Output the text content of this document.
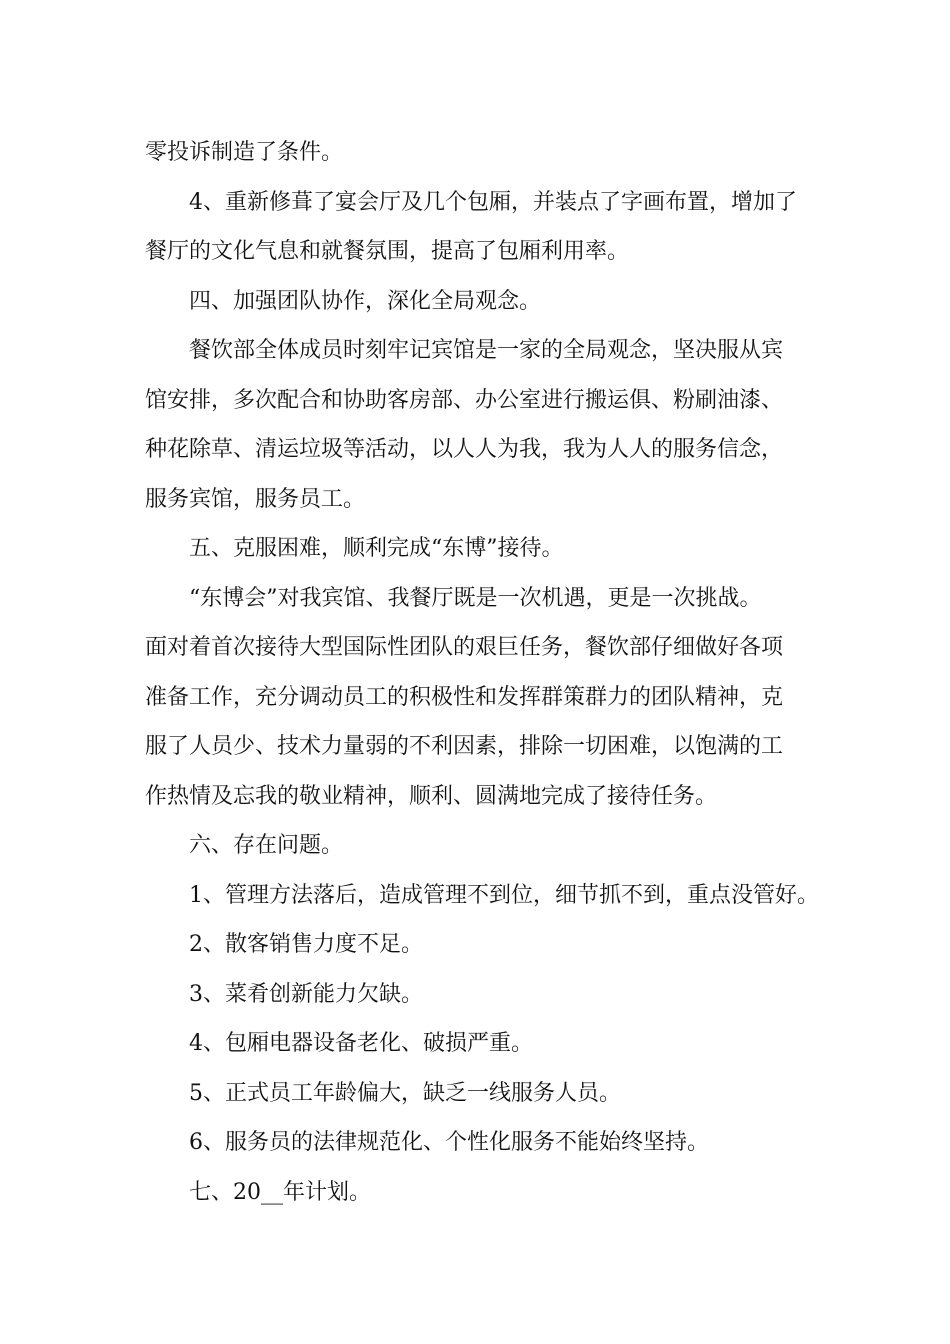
零投诉制造了条件。
4、重新修葺了宴会厅及几个包厢，并装点了字画布置，增加了
餐厅的文化气息和就餐氛围，提高了包厢利用率。
四、加强团队协作，深化全局观念。
餐饮部全体成员时刻牢记宾馆是一家的全局观念，坚决服从宾
馆安排，多次配合和协助客房部、办公室进行搬运俱、粉刷油漆、
种花除草、清运垃圾等活动，以人人为我，我为人人的服务信念，
服务宾馆，服务员工。
五、克服困难，顺利完成“东博”接待。
“东博会”对我宾馆、我餐厅既是一次机遇，更是一次挑战。
面对着首次接待大型国际性团队的艰巨任务，餐饮部仔细做好各项
准备工作，充分调动员工的积极性和发挥群策群力的团队精神，克
服了人员少、技术力量弱的不利因素，排除一切困难，以饱满的工
作热情及忘我的敬业精神，顺利、圆满地完成了接待任务。
六、存在问题。
1、管理方法落后，造成管理不到位，细节抓不到，重点没管好。
2、散客销售力度不足。
3、菜肴创新能力欠缺。
4、包厢电器设备老化、破损严重。
5、正式员工年龄偏大，缺乏一线服务人员。
6、服务员的法律规范化、个性化服务不能始终坚持。
七、20__年计划。
